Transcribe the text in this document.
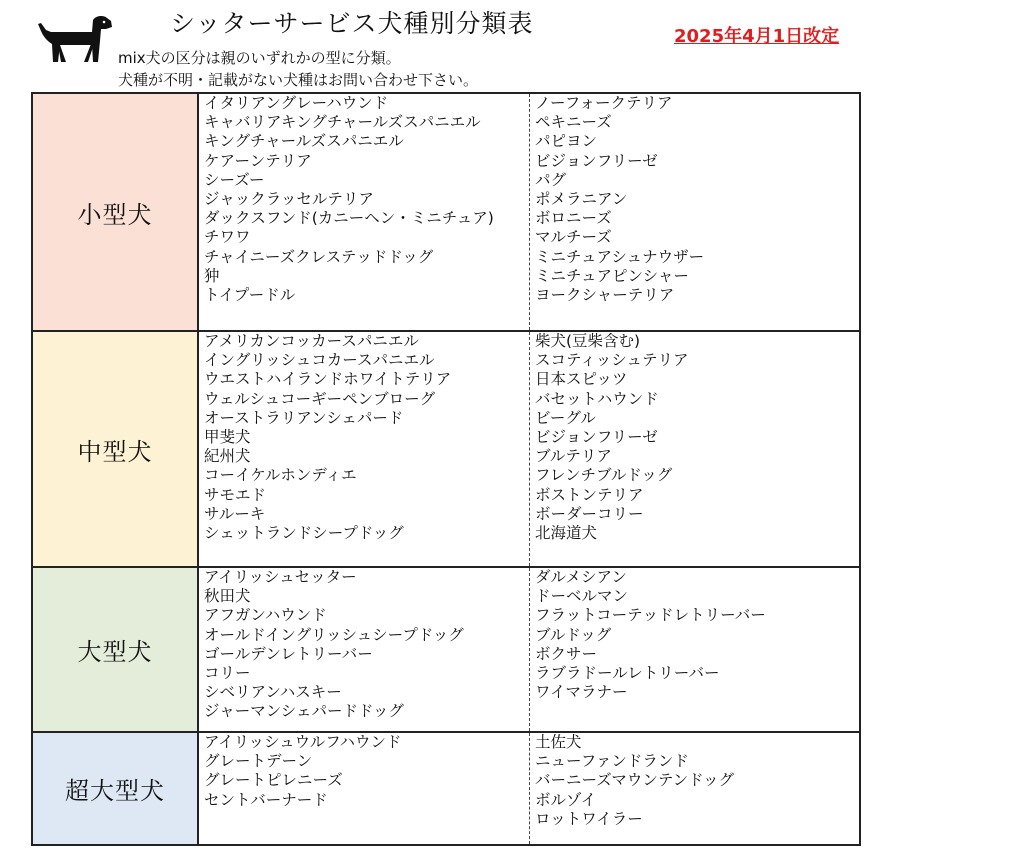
シッターサービス犬種別分類表	2025年4月1日改定
mix犬の区分は親のいずれかの型に分類。
犬種が不明・記載がない犬種はお問い合わせ下さい。
小型犬
イタリアングレーハウンド
キャバリアキングチャールズスパニエル
キングチャールズスパニエル
ケアーンテリア
シーズー
ジャックラッセルテリア
ダックスフンド(カニーヘン・ミニチュア)
チワワ
チャイニーズクレステッドドッグ
狆
トイプードル
ノーフォークテリア
ペキニーズ
パピヨン
ビジョンフリーゼ
パグ
ポメラニアン
ボロニーズ
マルチーズ
ミニチュアシュナウザー
ミニチュアピンシャー
ヨークシャーテリア
中型犬
アメリカンコッカースパニエル
イングリッシュコカースパニエル
ウエストハイランドホワイトテリア
ウェルシュコーギーペンブローグ
オーストラリアンシェパード
甲斐犬
紀州犬
コーイケルホンディエ
サモエド
サルーキ
シェットランドシープドッグ
柴犬(豆柴含む)
スコティッシュテリア
日本スピッツ
バセットハウンド
ビーグル
ビジョンフリーゼ
ブルテリア
フレンチブルドッグ
ボストンテリア
ボーダーコリー
北海道犬
大型犬
アイリッシュセッター
秋田犬
アフガンハウンド
オールドイングリッシュシープドッグ
ゴールデンレトリーバー
コリー
シベリアンハスキー
ジャーマンシェパードドッグ
ダルメシアン
ドーベルマン
フラットコーテッドレトリーバー
ブルドッグ
ボクサー
ラブラドールレトリーバー
ワイマラナー
超大型犬
アイリッシュウルフハウンド
グレートデーン
グレートピレニーズ
セントバーナード
土佐犬
ニューファンドランド
バーニーズマウンテンドッグ
ボルゾイ
ロットワイラー
